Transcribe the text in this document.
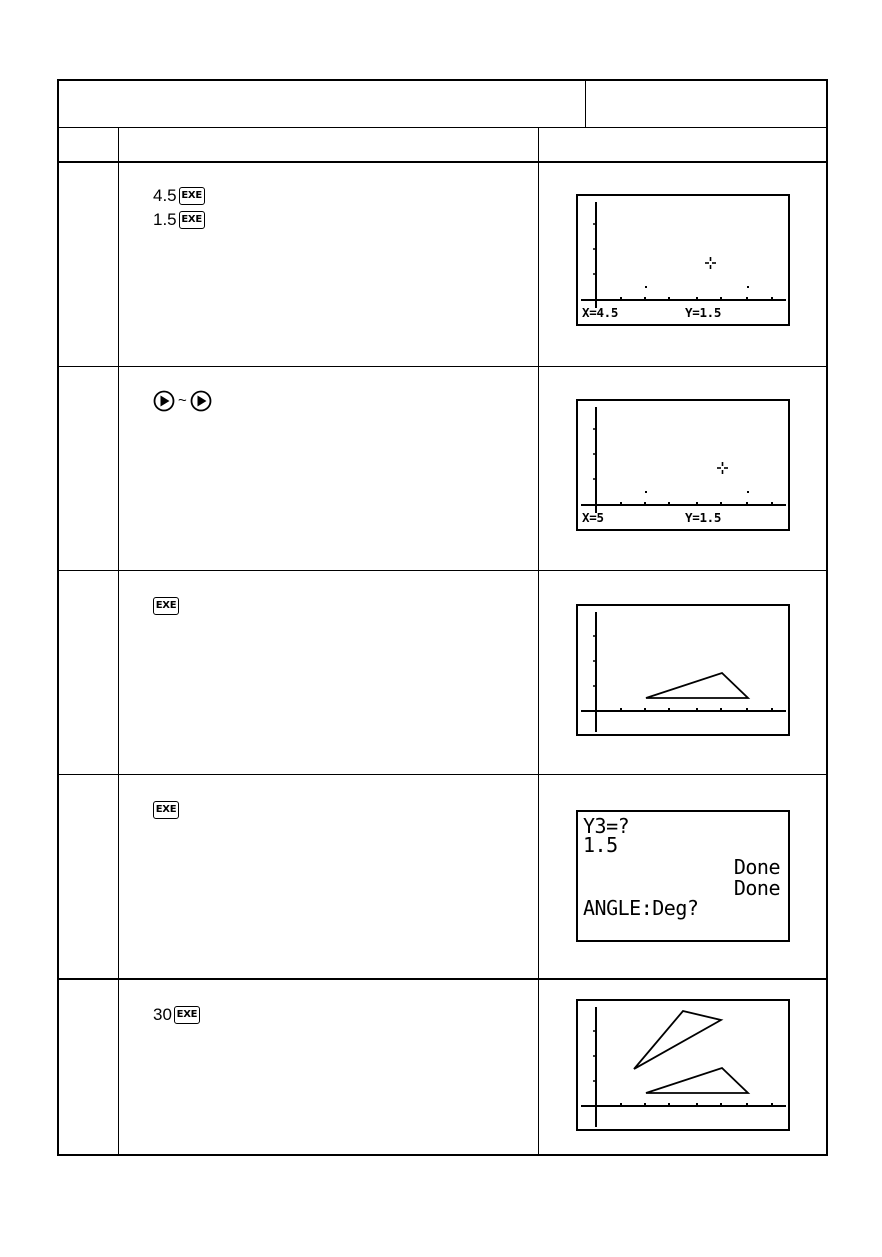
4.5 EXE
1.5 EXE
X=4.5	Y=1.5
~
X=5	Y=1.5
EXE
EXE
Y3=?
1.5
Done
Done
ANGLE:Deg?
30 EXE
